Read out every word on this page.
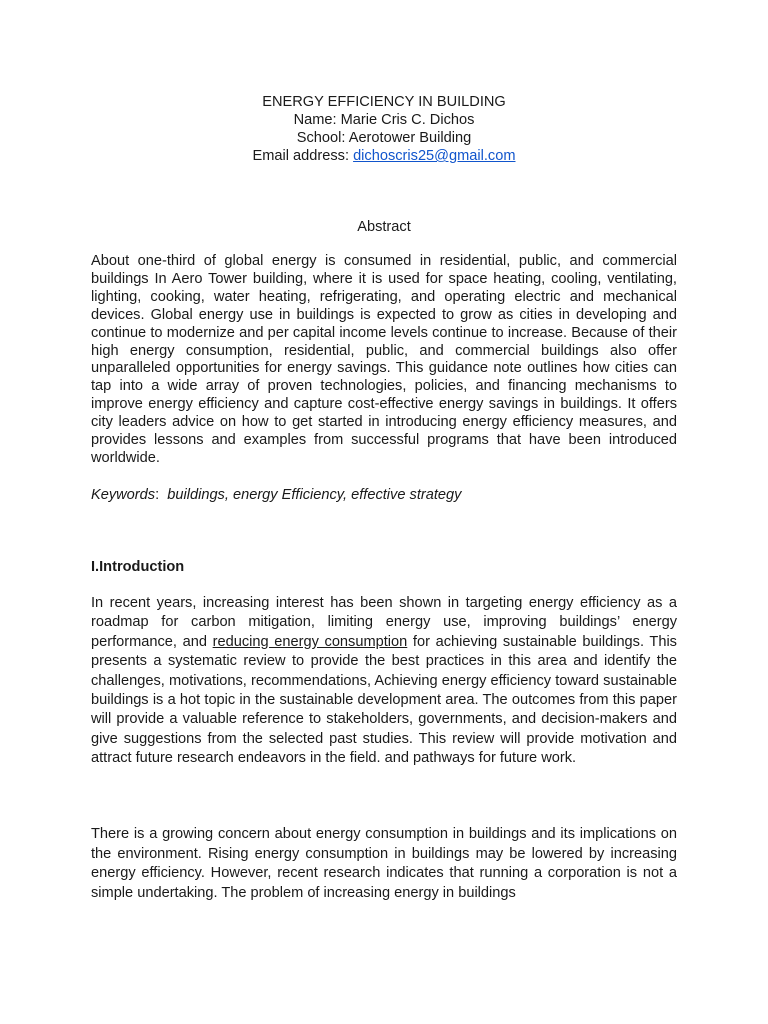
ENERGY EFFICIENCY IN BUILDING
Name: Marie Cris C. Dichos
School: Aerotower Building
Email address: dichoscris25@gmail.com
Abstract

About one-third of global energy is consumed in residential, public, and commercial buildings In Aero Tower building, where it is used for space heating, cooling, ventilating, lighting, cooking, water heating, refrigerating, and operating electric and mechanical devices. Global energy use in buildings is expected to grow as cities in developing and continue to modernize and per capital income levels continue to increase. Because of their high energy consumption, residential, public, and commercial buildings also offer unparalleled opportunities for energy savings. This guidance note outlines how cities can tap into a wide array of proven technologies, policies, and financing mechanisms to improve energy efficiency and capture cost-effective energy savings in buildings. It offers city leaders advice on how to get started in introducing energy efficiency measures, and provides lessons and examples from successful programs that have been introduced worldwide.

Keywords:  buildings, energy Efficiency, effective strategy
I.Introduction

In recent years, increasing interest has been shown in targeting energy efficiency as a roadmap for carbon mitigation, limiting energy use, improving buildings’ energy performance, and reducing energy consumption for achieving sustainable buildings. This presents a systematic review to provide the best practices in this area and identify the challenges, motivations, recommendations, Achieving energy efficiency toward sustainable buildings is a hot topic in the sustainable development area. The outcomes from this paper will provide a valuable reference to stakeholders, governments, and decision-makers and give suggestions from the selected past studies. This review will provide motivation and attract future research endeavors in the field. and pathways for future work.

There is a growing concern about energy consumption in buildings and its implications on the environment. Rising energy consumption in buildings may be lowered by increasing energy efficiency. However, recent research indicates that running a corporation is not a simple undertaking. The problem of increasing energy in buildings
